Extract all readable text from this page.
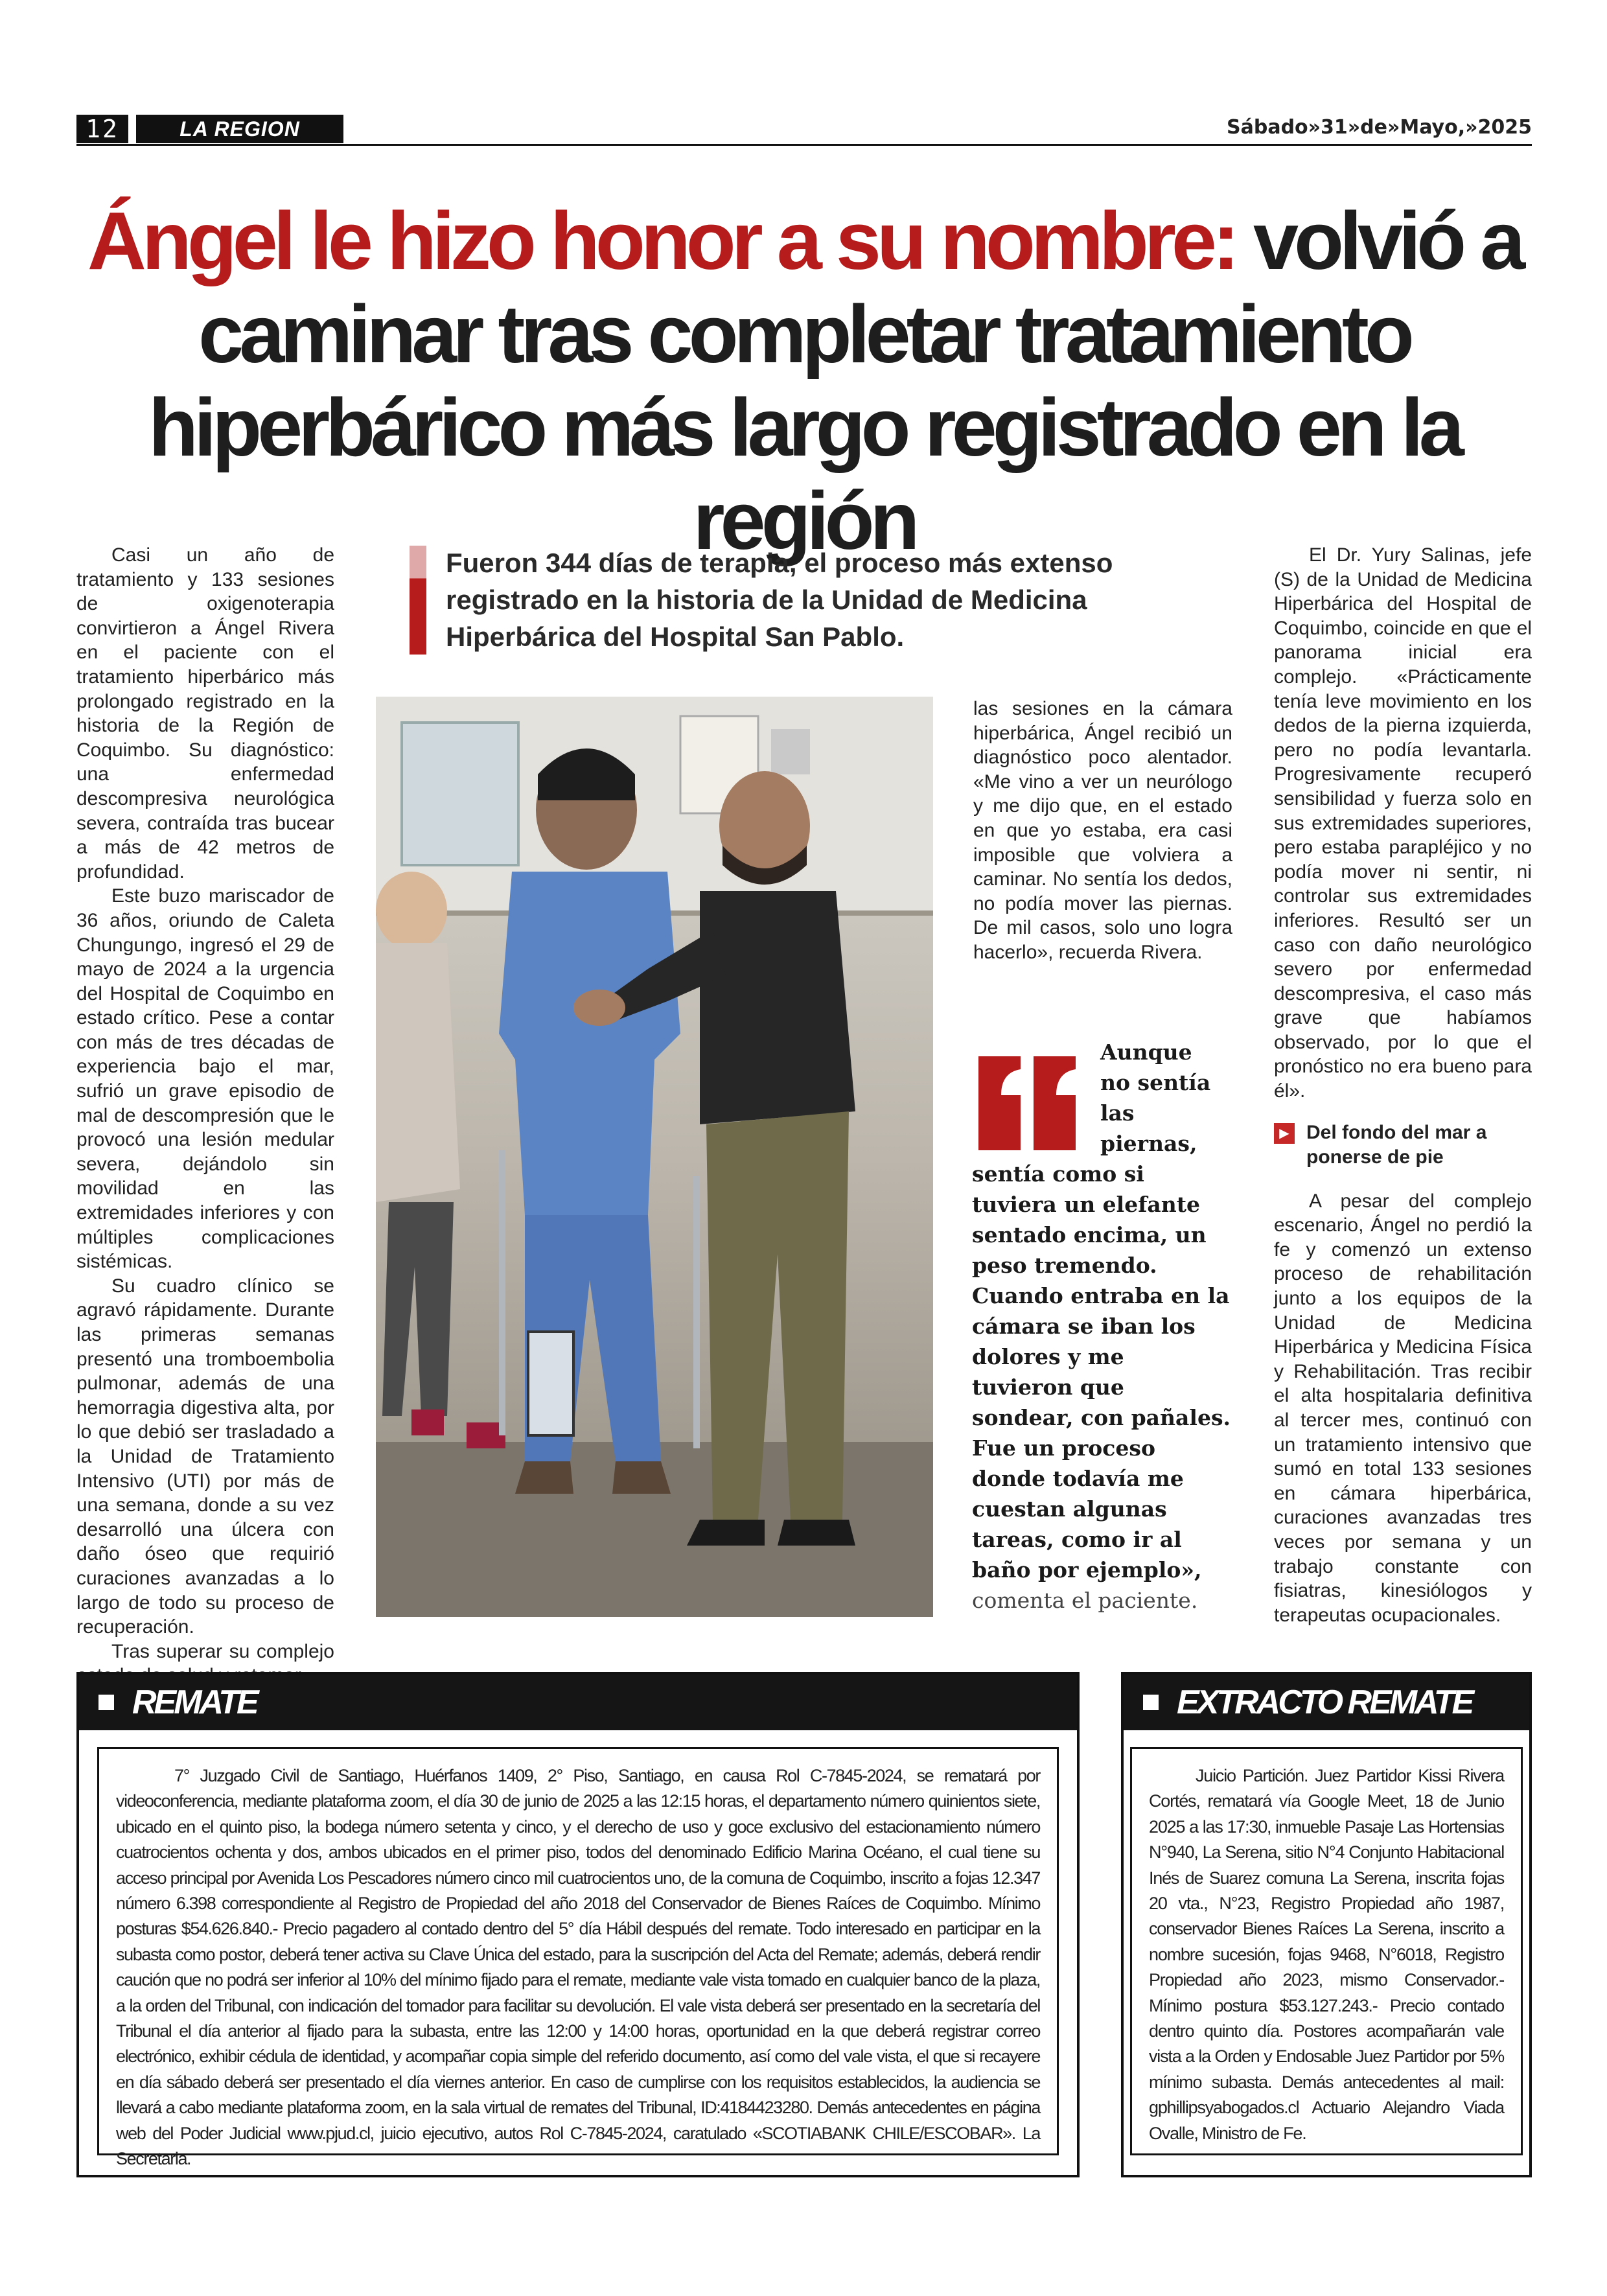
12	LA REGION	Sábado»31»de»Mayo,»2025
Ángel le hizo honor a su nombre: volvió a
caminar tras completar tratamiento
hiperbárico más largo registrado en la región

Casi un año de tratamiento y 133 sesiones de oxigenoterapia convirtieron a Ángel Rivera en el paciente con el tratamiento hiperbárico más prolongado registrado en la historia de la Región de Coquimbo. Su diagnóstico: una enfermedad descompresiva neurológica severa, contraída tras bucear a más de 42 metros de profundidad.

Este buzo mariscador de 36 años, oriundo de Caleta Chungungo, ingresó el 29 de mayo de 2024 a la urgencia del Hospital de Coquimbo en estado crítico. Pese a contar con más de tres décadas de experiencia bajo el mar, sufrió un grave episodio de mal de descompresión que le provocó una lesión medular severa, dejándolo sin movilidad en las extremidades inferiores y con múltiples complicaciones sistémicas.

Su cuadro clínico se agravó rápidamente. Durante las primeras semanas presentó una tromboembolia pulmonar, además de una hemorragia digestiva alta, por lo que debió ser trasladado a la Unidad de Tratamiento Intensivo (UTI) por más de una semana, donde a su vez desarrolló una úlcera con daño óseo que requirió curaciones avanzadas a lo largo de todo su proceso de recuperación.

Tras superar su complejo

Fueron 344 días de terapia, el proceso más extenso registrado en la historia de la Unidad de Medicina Hiperbárica del Hospital San Pablo.

las sesiones en la cámara hiperbárica, Ángel recibió un diagnóstico poco alentador. «Me vino a ver un neurólogo y me dijo que, en el estado en que yo estaba, era casi imposible que volviera a caminar. No sentía los dedos, no podía mover las piernas. De mil casos, solo uno logra hacerlo», recuerda Rivera.

Aunque
no sentía
las piernas,
sentía como si tuviera un elefante sentado encima, un peso tremendo. Cuando entraba en la cámara se iban los dolores y me tuvieron que sondear, con pañales. Fue un proceso donde todavía me cuestan algunas tareas, como ir al baño por ejemplo», comenta el paciente.

El Dr. Yury Salinas, jefe (S) de la Unidad de Medicina Hiperbárica del Hospital de Coquimbo, coincide en que el panorama inicial era complejo. «Prácticamente tenía leve movimiento en los dedos de la pierna izquierda, pero no podía levantarla. Progresivamente recuperó sensibilidad y fuerza solo en sus extremidades superiores, pero estaba parapléjico y no podía mover ni sentir, ni controlar sus extremidades inferiores. Resultó ser un caso con daño neurológico severo por enfermedad descompresiva, el caso más grave que habíamos observado, por lo que el pronóstico no era bueno para él».

▶ Del fondo del mar a ponerse de pie

A pesar del complejo escenario, Ángel no perdió la fe y comenzó un extenso proceso de rehabilitación junto a los equipos de la Unidad de Medicina Hiperbárica y Medicina Física y Rehabilitación. Tras recibir el alta hospitalaria definitiva al tercer mes, continuó con un tratamiento intensivo que sumó en total 133 sesiones en cámara hiperbárica, curaciones avanzadas tres veces por semana y un trabajo constante con fisiatras, kinesiólogos y terapeutas ocupacionales.

REMATE

7° Juzgado Civil de Santiago, Huérfanos 1409, 2° Piso, Santiago, en causa Rol C-7845-2024, se rematará por videoconferencia, mediante plataforma zoom, el día 30 de junio de 2025 a las 12:15 horas, el departamento número quinientos siete, ubicado en el quinto piso, la bodega número setenta y cinco, y el derecho de uso y goce exclusivo del estacionamiento número cuatrocientos ochenta y dos, ambos ubicados en el primer piso, todos del denominado Edificio Marina Océano, el cual tiene su acceso principal por Avenida Los Pescadores número cinco mil cuatrocientos uno, de la comuna de Coquimbo, inscrito a fojas 12.347 número 6.398 correspondiente al Registro de Propiedad del año 2018 del Conservador de Bienes Raíces de Coquimbo. Mínimo posturas $54.626.840.- Precio pagadero al contado dentro del 5° día Hábil después del remate. Todo interesado en participar en la subasta como postor, deberá tener activa su Clave Única del estado, para la suscripción del Acta del Remate; además, deberá rendir caución que no podrá ser inferior al 10% del mínimo fijado para el remate, mediante vale vista tomado en cualquier banco de la plaza, a la orden del Tribunal, con indicación del tomador para facilitar su devolución. El vale vista deberá ser presentado en la secretaría del Tribunal el día anterior al fijado para la subasta, entre las 12:00 y 14:00 horas, oportunidad en la que deberá registrar correo electrónico, exhibir cédula de identidad, y acompañar copia simple del referido documento, así como del vale vista, el que si recayere en día sábado deberá ser presentado el día viernes anterior. En caso de cumplirse con los requisitos establecidos, la audiencia se llevará a cabo mediante plataforma zoom, en la sala virtual de remates del Tribunal, ID:4184423280. Demás antecedentes en página web del Poder Judicial www.pjud.cl, juicio ejecutivo, autos Rol C-7845-2024, caratulado «SCOTIABANK CHILE/ESCOBAR». La Secretaria.

EXTRACTO REMATE

Juicio Partición. Juez Partidor Kissi Rivera Cortés, rematará vía Google Meet, 18 de Junio 2025 a las 17:30, inmueble Pasaje Las Hortensias N°940, La Serena, sitio N°4 Conjunto Habitacional Inés de Suarez comuna La Serena, inscrita fojas 20 vta., N°23, Registro Propiedad año 1987, conservador Bienes Raíces La Serena, inscrito a nombre sucesión, fojas 9468, N°6018, Registro Propiedad año 2023, mismo Conservador.- Mínimo postura $53.127.243.- Precio contado dentro quinto día. Postores acompañarán vale vista a la Orden y Endosable Juez Partidor por 5% mínimo subasta. Demás antecedentes al mail: gphillipsyabogados.cl Actuario Alejandro Viada Ovalle, Ministro de Fe.
